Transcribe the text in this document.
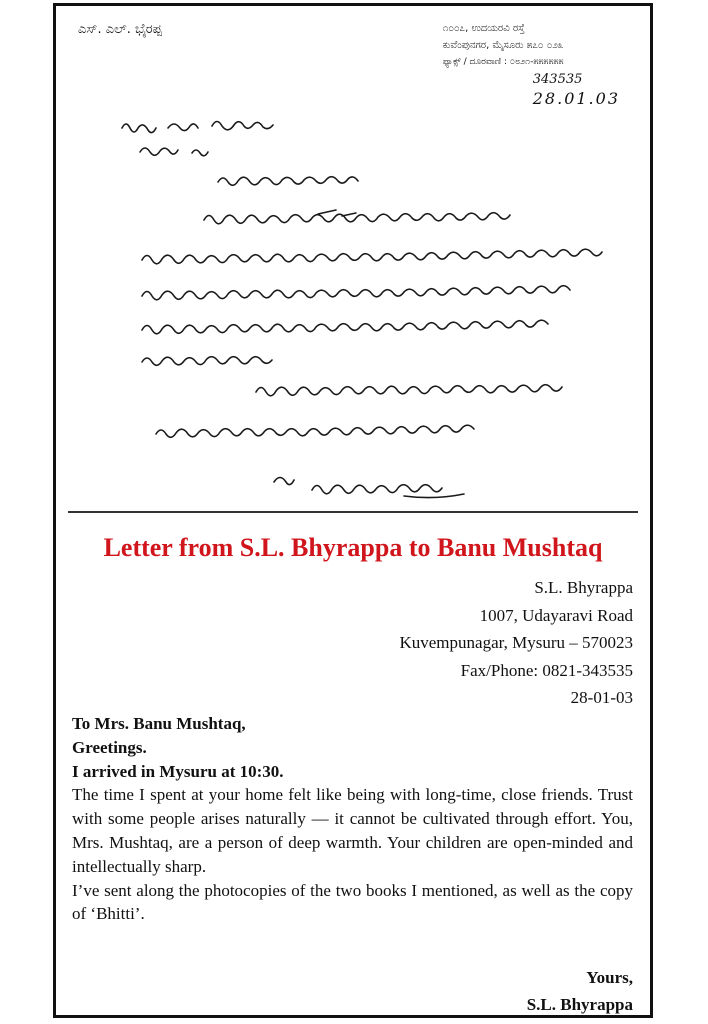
ಎಸ್. ಎಲ್. ಭೈರಪ್ಪ	೧೦೦೭, ಉದಯರವಿ ರಸ್ತೆ
ಕುವೆಂಪುನಗರ, ಮೈಸೂರು ೫೭೦ ೦೨೩
ಫ್ಯಾಕ್ಸ್ / ದೂರವಾಣಿ : ೦೮೨೧-೫೫೫೫೫೫
343535
28.01.03
Letter from S.L. Bhyrappa to Banu Mushtaq
S.L. Bhyrappa
1007, Udayaravi Road
Kuvempunagar, Mysuru – 570023
Fax/Phone: 0821-343535
28-01-03
To Mrs. Banu Mushtaq,
Greetings.
I arrived in Mysuru at 10:30.

The time I spent at your home felt like being with long-time, close friends. Trust with some people arises naturally — it cannot be cultivated through effort. You, Mrs. Mushtaq, are a person of deep warmth. Your children are open-minded and intellectually sharp.

I’ve sent along the photocopies of the two books I mentioned, as well as the copy of ‘Bhitti’.

Yours,
S.L. Bhyrappa
